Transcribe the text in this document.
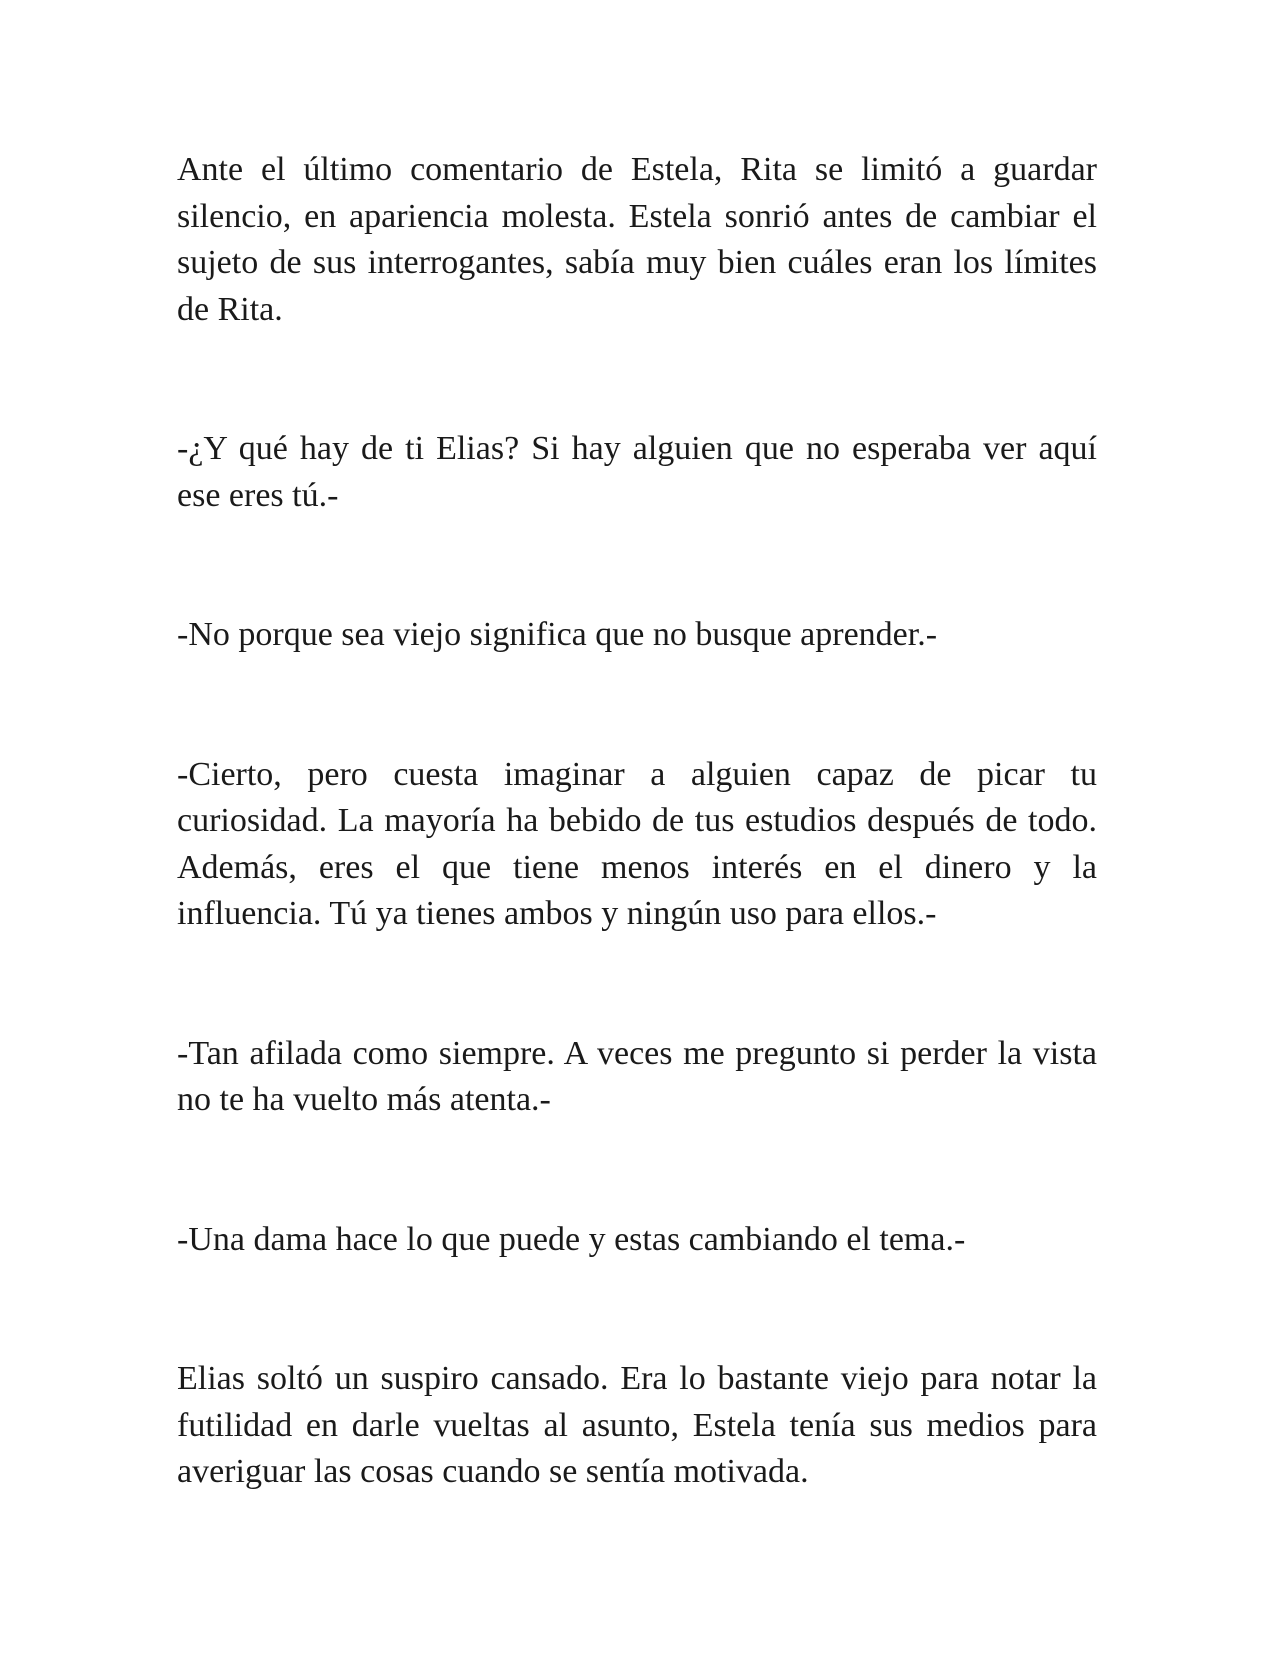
Ante el último comentario de Estela, Rita se limitó a guardar silencio, en apariencia molesta. Estela sonrió antes de cambiar el sujeto de sus interrogantes, sabía muy bien cuáles eran los límites de Rita.

-¿Y qué hay de ti Elias? Si hay alguien que no esperaba ver aquí ese eres tú.-

-No porque sea viejo significa que no busque aprender.-

-Cierto, pero cuesta imaginar a alguien capaz de picar tu curiosidad. La mayoría ha bebido de tus estudios después de todo. Además, eres el que tiene menos interés en el dinero y la influencia. Tú ya tienes ambos y ningún uso para ellos.-

-Tan afilada como siempre. A veces me pregunto si perder la vista no te ha vuelto más atenta.-

-Una dama hace lo que puede y estas cambiando el tema.-

Elias soltó un suspiro cansado. Era lo bastante viejo para notar la futilidad en darle vueltas al asunto, Estela tenía sus medios para averiguar las cosas cuando se sentía motivada.
